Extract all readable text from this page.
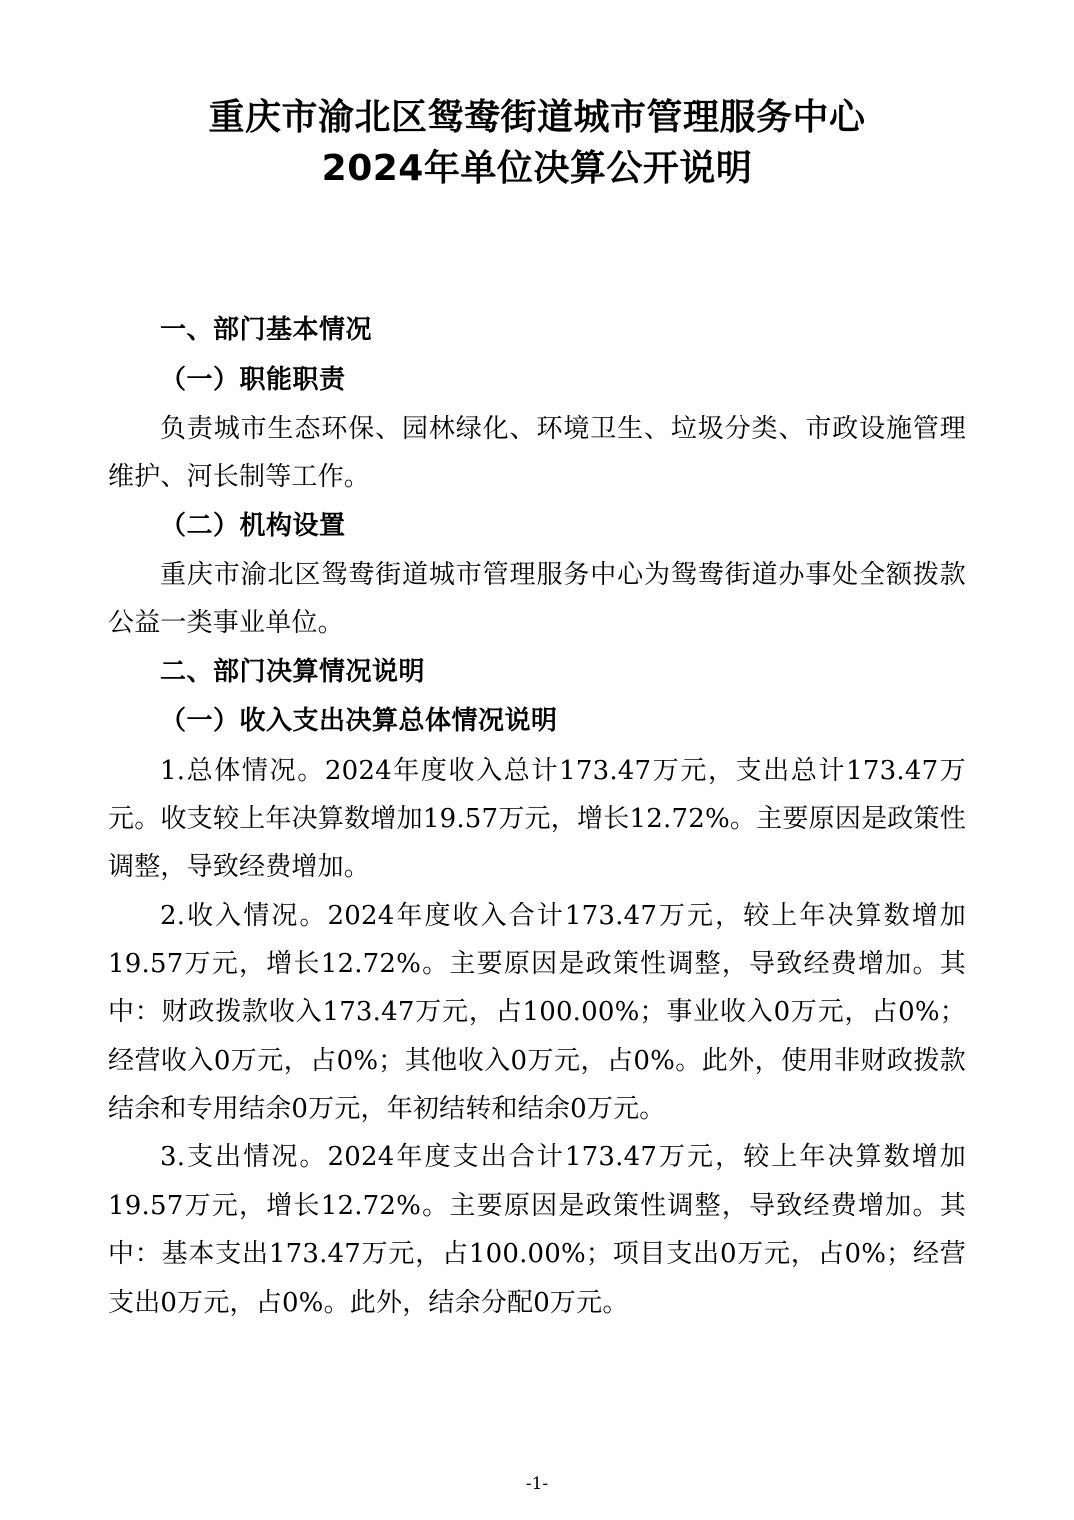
重庆市渝北区鸳鸯街道城市管理服务中心
2024年单位决算公开说明
一、部门基本情况
（一）职能职责

负责城市生态环保、园林绿化、环境卫生、垃圾分类、市政设施管理维护、河长制等工作。

（二）机构设置

重庆市渝北区鸳鸯街道城市管理服务中心为鸳鸯街道办事处全额拨款公益一类事业单位。

二、部门决算情况说明
（一）收入支出决算总体情况说明

1.总体情况。2024年度收入总计173.47万元，支出总计173.47万元。收支较上年决算数增加19.57万元，增长12.72%。主要原因是政策性调整，导致经费增加。

2.收入情况。2024年度收入合计173.47万元，较上年决算数增加19.57万元，增长12.72%。主要原因是政策性调整，导致经费增加。其中：财政拨款收入173.47万元，占100.00%；事业收入0万元，占0%；经营收入0万元，占0%；其他收入0万元，占0%。此外，使用非财政拨款结余和专用结余0万元，年初结转和结余0万元。

3.支出情况。2024年度支出合计173.47万元，较上年决算数增加19.57万元，增长12.72%。主要原因是政策性调整，导致经费增加。其中：基本支出173.47万元，占100.00%；项目支出0万元，占0%；经营支出0万元，占0%。此外，结余分配0万元。

-1-
